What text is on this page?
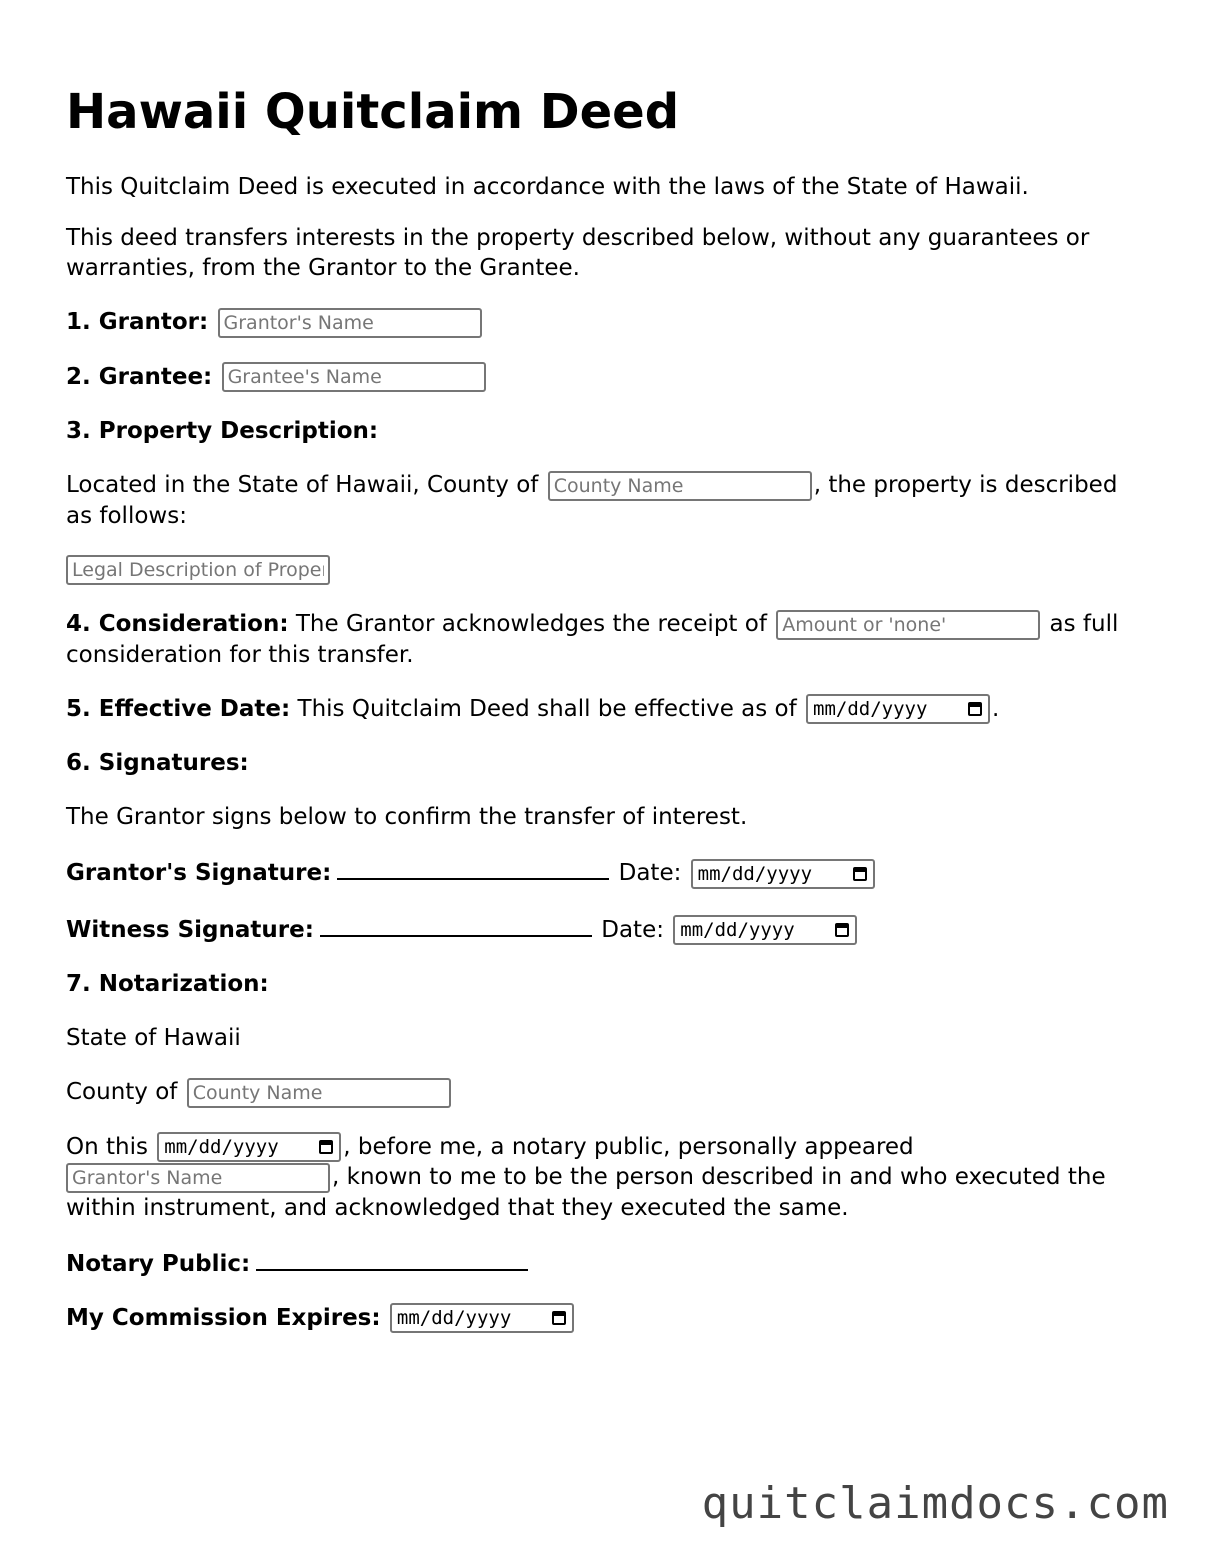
Hawaii Quitclaim Deed

This Quitclaim Deed is executed in accordance with the laws of the State of Hawaii.

This deed transfers interests in the property described below, without any guarantees or warranties, from the Grantor to the Grantee.

1. Grantor: Grantor's Name
2. Grantee: Grantee's Name
3. Property Description:
Located in the State of Hawaii, County of County Name	, the property is described as follows:
Legal Description of Property
4. Consideration: The Grantor acknowledges the receipt of Amount or 'none'	as full consideration for this transfer.
5. Effective Date: This Quitclaim Deed shall be effective as of mm/dd/yyyy	.
6. Signatures:
The Grantor signs below to confirm the transfer of interest.
Grantor's Signature:	Date: mm/dd/yyyy
Witness Signature:	Date: mm/dd/yyyy
7. Notarization:
State of Hawaii
County of County Name
On this mm/dd/yyyy	, before me, a notary public, personally appeared Grantor's Name, known to me to be the person described in and who executed the within instrument, and acknowledged that they executed the same.
Notary Public:
My Commission Expires: mm/dd/yyyy
quitclaimdocs.com
